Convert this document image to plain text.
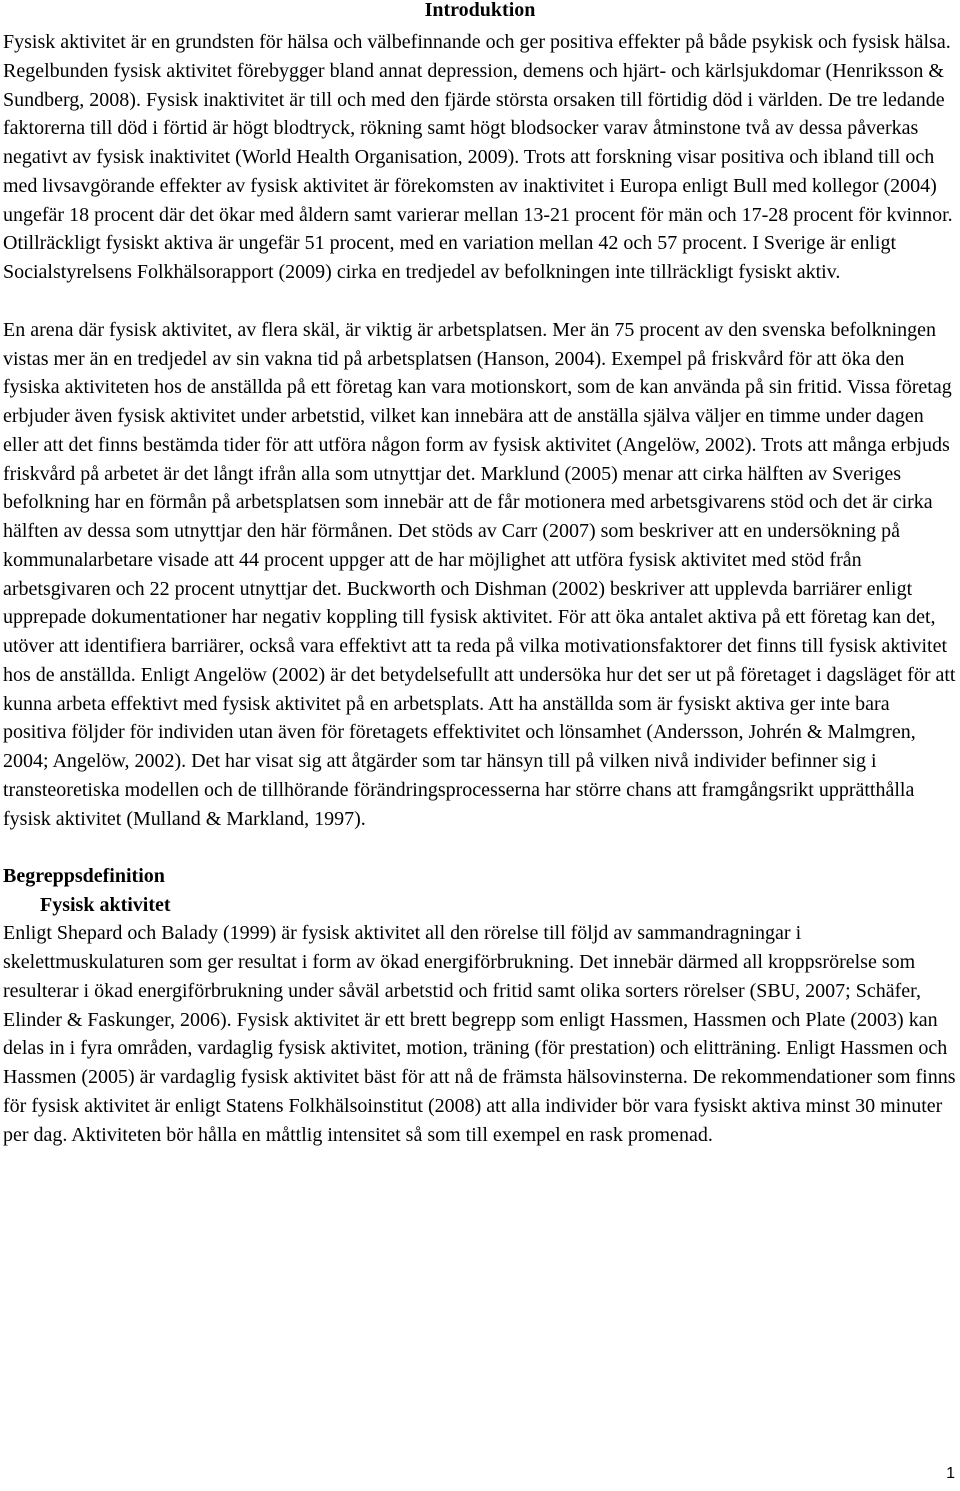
Introduktion

Fysisk aktivitet är en grundsten för hälsa och välbefinnande och ger positiva effekter på både psykisk och fysisk hälsa. Regelbunden fysisk aktivitet förebygger bland annat depression, demens och hjärt- och kärlsjukdomar (Henriksson & Sundberg, 2008). Fysisk inaktivitet är till och med den fjärde största orsaken till förtidig död i världen. De tre ledande faktorerna till död i förtid är högt blodtryck, rökning samt högt blodsocker varav åtminstone två av dessa påverkas negativt av fysisk inaktivitet (World Health Organisation, 2009). Trots att forskning visar positiva och ibland till och med livsavgörande effekter av fysisk aktivitet är förekomsten av inaktivitet i Europa enligt Bull med kollegor (2004) ungefär 18 procent där det ökar med åldern samt varierar mellan 13-21 procent för män och 17-28 procent för kvinnor. Otillräckligt fysiskt aktiva är ungefär 51 procent, med en variation mellan 42 och 57 procent. I Sverige är enligt Socialstyrelsens Folkhälsorapport (2009) cirka en tredjedel av befolkningen inte tillräckligt fysiskt aktiv.

En arena där fysisk aktivitet, av flera skäl, är viktig är arbetsplatsen. Mer än 75 procent av den svenska befolkningen vistas mer än en tredjedel av sin vakna tid på arbetsplatsen (Hanson, 2004). Exempel på friskvård för att öka den fysiska aktiviteten hos de anställda på ett företag kan vara motionskort, som de kan använda på sin fritid. Vissa företag erbjuder även fysisk aktivitet under arbetstid, vilket kan innebära att de anställa själva väljer en timme under dagen eller att det finns bestämda tider för att utföra någon form av fysisk aktivitet (Angelöw, 2002). Trots att många erbjuds friskvård på arbetet är det långt ifrån alla som utnyttjar det. Marklund (2005) menar att cirka hälften av Sveriges befolkning har en förmån på arbetsplatsen som innebär att de får motionera med arbetsgivarens stöd och det är cirka hälften av dessa som utnyttjar den här förmånen. Det stöds av Carr (2007) som beskriver att en undersökning på kommunalarbetare visade att 44 procent uppger att de har möjlighet att utföra fysisk aktivitet med stöd från arbetsgivaren och 22 procent utnyttjar det. Buckworth och Dishman (2002) beskriver att upplevda barriärer enligt upprepade dokumentationer har negativ koppling till fysisk aktivitet. För att öka antalet aktiva på ett företag kan det, utöver att identifiera barriärer, också vara effektivt att ta reda på vilka motivationsfaktorer det finns till fysisk aktivitet hos de anställda. Enligt Angelöw (2002) är det betydelsefullt att undersöka hur det ser ut på företaget i dagsläget för att kunna arbeta effektivt med fysisk aktivitet på en arbetsplats. Att ha anställda som är fysiskt aktiva ger inte bara positiva följder för individen utan även för företagets effektivitet och lönsamhet (Andersson, Johrén & Malmgren, 2004; Angelöw, 2002). Det har visat sig att åtgärder som tar hänsyn till på vilken nivå individer befinner sig i transteoretiska modellen och de tillhörande förändringsprocesserna har större chans att framgångsrikt upprätthålla fysisk aktivitet (Mulland & Markland, 1997).

Begreppsdefinition
Fysisk aktivitet

Enligt Shepard och Balady (1999) är fysisk aktivitet all den rörelse till följd av sammandragningar i skelettmuskulaturen som ger resultat i form av ökad energiförbrukning. Det innebär därmed all kroppsrörelse som resulterar i ökad energiförbrukning under såväl arbetstid och fritid samt olika sorters rörelser (SBU, 2007; Schäfer, Elinder & Faskunger, 2006). Fysisk aktivitet är ett brett begrepp som enligt Hassmen, Hassmen och Plate (2003) kan delas in i fyra områden, vardaglig fysisk aktivitet, motion, träning (för prestation) och elitträning. Enligt Hassmen och Hassmen (2005) är vardaglig fysisk aktivitet bäst för att nå de främsta hälsovinsterna. De rekommendationer som finns för fysisk aktivitet är enligt Statens Folkhälsoinstitut (2008) att alla individer bör vara fysiskt aktiva minst 30 minuter per dag. Aktiviteten bör hålla en måttlig intensitet så som till exempel en rask promenad.

1
